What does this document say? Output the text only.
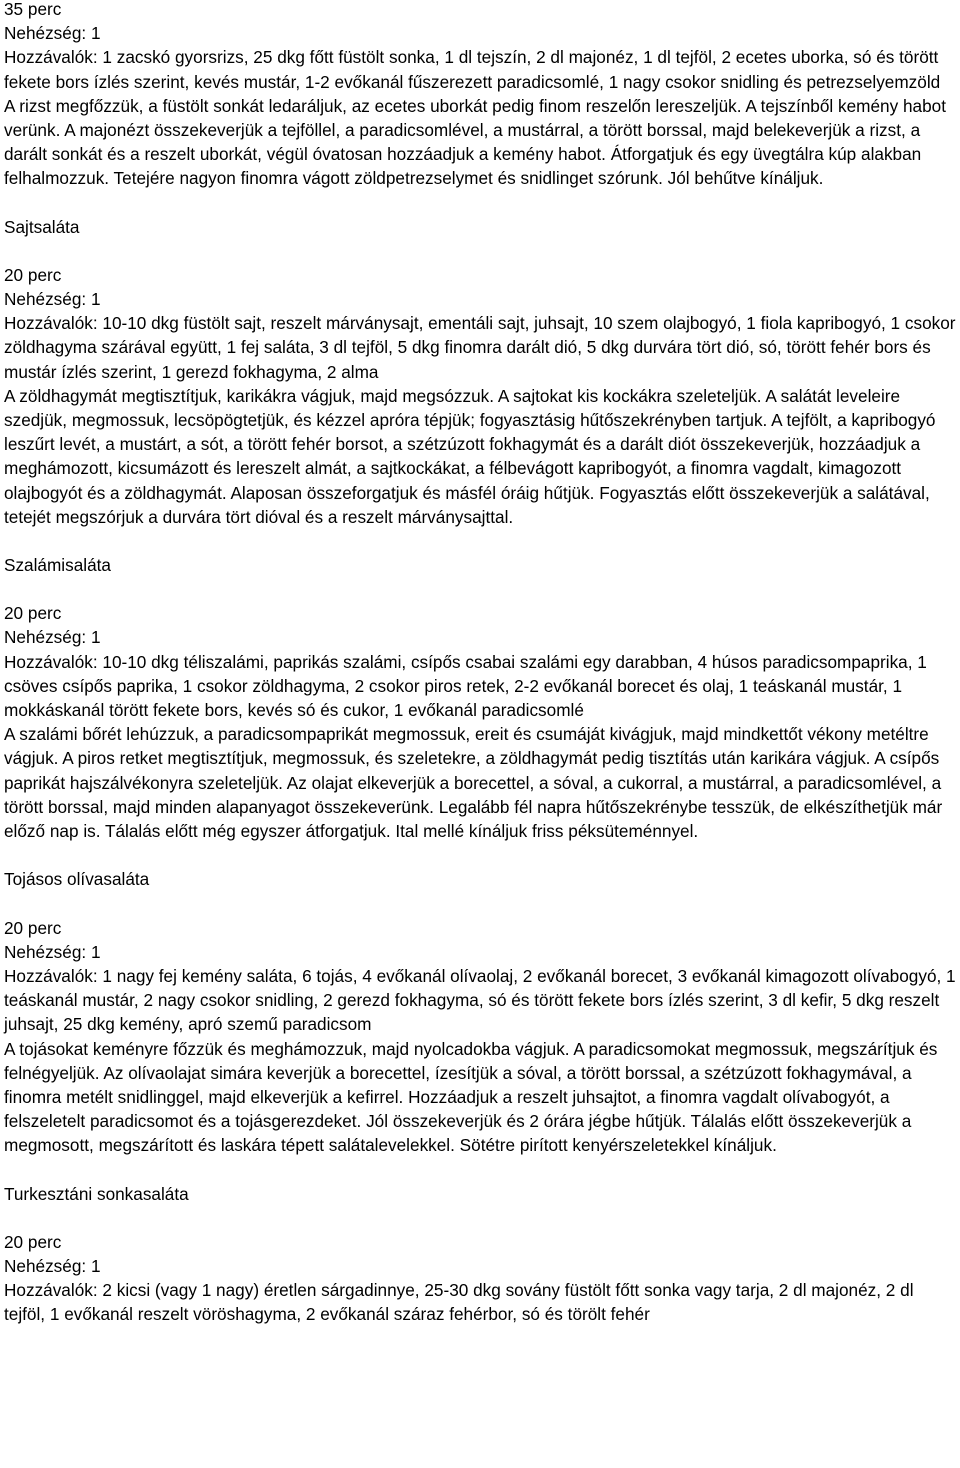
35 perc

Nehézség: 1

Hozzávalók: 1 zacskó gyorsrizs, 25 dkg főtt füstölt sonka, 1 dl tejszín, 2 dl majonéz, 1 dl tejföl, 2 ecetes uborka, só és törött fekete bors ízlés szerint, kevés mustár, 1-2 evőkanál fűszerezett paradicsomlé, 1 nagy csokor snidling és petrezselyemzöld

A rizst megfőzzük, a füstölt sonkát ledaráljuk, az ecetes uborkát pedig finom reszelőn lereszeljük. A tejszínből kemény habot verünk. A majonézt összekeverjük a tejföllel, a paradicsomlével, a mustárral, a törött borssal, majd belekeverjük a rizst, a darált sonkát és a reszelt uborkát, végül óvatosan hozzáadjuk a kemény habot. Átforgatjuk és egy üvegtálra kúp alakban felhalmozzuk. Tetejére nagyon finomra vágott zöldpetrezselymet és snidlinget szórunk. Jól behűtve kínáljuk.

Sajtsaláta

20 perc

Nehézség: 1

Hozzávalók: 10-10 dkg füstölt sajt, reszelt márványsajt, ementáli sajt, juhsajt, 10 szem olajbogyó, 1 fiola kapribogyó, 1 csokor zöldhagyma szárával együtt, 1 fej saláta, 3 dl tejföl, 5 dkg finomra darált dió, 5 dkg durvára tört dió, só, törött fehér bors és mustár ízlés szerint, 1 gerezd fokhagyma, 2 alma

A zöldhagymát megtisztítjuk, karikákra vágjuk, majd megsózzuk. A sajtokat kis kockákra szeleteljük. A salátát leveleire szedjük, megmossuk, lecsöpögtetjük, és kézzel apróra tépjük; fogyasztásig hűtőszekrényben tartjuk. A tejfölt, a kapribogyó leszűrt levét, a mustárt, a sót, a törött fehér borsot, a szétzúzott fokhagymát és a darált diót összekeverjük, hozzáadjuk a meghámozott, kicsumázott és lereszelt almát, a sajtkockákat, a félbevágott kapribogyót, a finomra vagdalt, kimagozott olajbogyót és a zöldhagymát. Alaposan összeforgatjuk és másfél óráig hűtjük. Fogyasztás előtt összekeverjük a salátával, tetejét megszórjuk a durvára tört dióval és a reszelt márványsajttal.

Szalámisaláta

20 perc

Nehézség: 1

Hozzávalók: 10-10 dkg téliszalámi, paprikás szalámi, csípős csabai szalámi egy darabban, 4 húsos paradicsompaprika, 1 csöves csípős paprika, 1 csokor zöldhagyma, 2 csokor piros retek, 2-2 evőkanál borecet és olaj, 1 teáskanál mustár, 1 mokkáskanál törött fekete bors, kevés só és cukor, 1 evőkanál paradicsomlé

A szalámi bőrét lehúzzuk, a paradicsompaprikát megmossuk, ereit és csumáját kivágjuk, majd mindkettőt vékony metéltre vágjuk. A piros retket megtisztítjuk, megmossuk, és szeletekre, a zöldhagymát pedig tisztítás után karikára vágjuk. A csípős paprikát hajszálvékonyra szeleteljük. Az olajat elkeverjük a borecettel, a sóval, a cukorral, a mustárral, a paradicsomlével, a törött borssal, majd minden alapanyagot összekeverünk. Legalább fél napra hűtőszekrénybe tesszük, de elkészíthetjük már előző nap is. Tálalás előtt még egyszer átforgatjuk. Ital mellé kínáljuk friss péksüteménnyel.

Tojásos olívasaláta

20 perc

Nehézség: 1

Hozzávalók: 1 nagy fej kemény saláta, 6 tojás, 4 evőkanál olívaolaj, 2 evőkanál borecet, 3 evőkanál kimagozott olívabogyó, 1 teáskanál mustár, 2 nagy csokor snidling, 2 gerezd fokhagyma, só és törött fekete bors ízlés szerint, 3 dl kefir, 5 dkg reszelt juhsajt, 25 dkg kemény, apró szemű paradicsom

A tojásokat keményre főzzük és meghámozzuk, majd nyolcadokba vágjuk. A paradicsomokat megmossuk, megszárítjuk és felnégyeljük. Az olívaolajat simára keverjük a borecettel, ízesítjük a sóval, a törött borssal, a szétzúzott fokhagymával, a finomra metélt snidlinggel, majd elkeverjük a kefirrel. Hozzáadjuk a reszelt juhsajtot, a finomra vagdalt olívabogyót, a felszeletelt paradicsomot és a tojásgerezdeket. Jól összekeverjük és 2 órára jégbe hűtjük. Tálalás előtt összekeverjük a megmosott, megszárított és laskára tépett salátalevelekkel. Sötétre pirított kenyérszeletekkel kínáljuk.

Turkesztáni sonkasaláta

20 perc

Nehézség: 1

Hozzávalók: 2 kicsi (vagy 1 nagy) éretlen sárgadinnye, 25-30 dkg sovány füstölt főtt sonka vagy tarja, 2 dl majonéz, 2 dl tejföl, 1 evőkanál reszelt vöröshagyma, 2 evőkanál száraz fehérbor, só és törölt fehér
